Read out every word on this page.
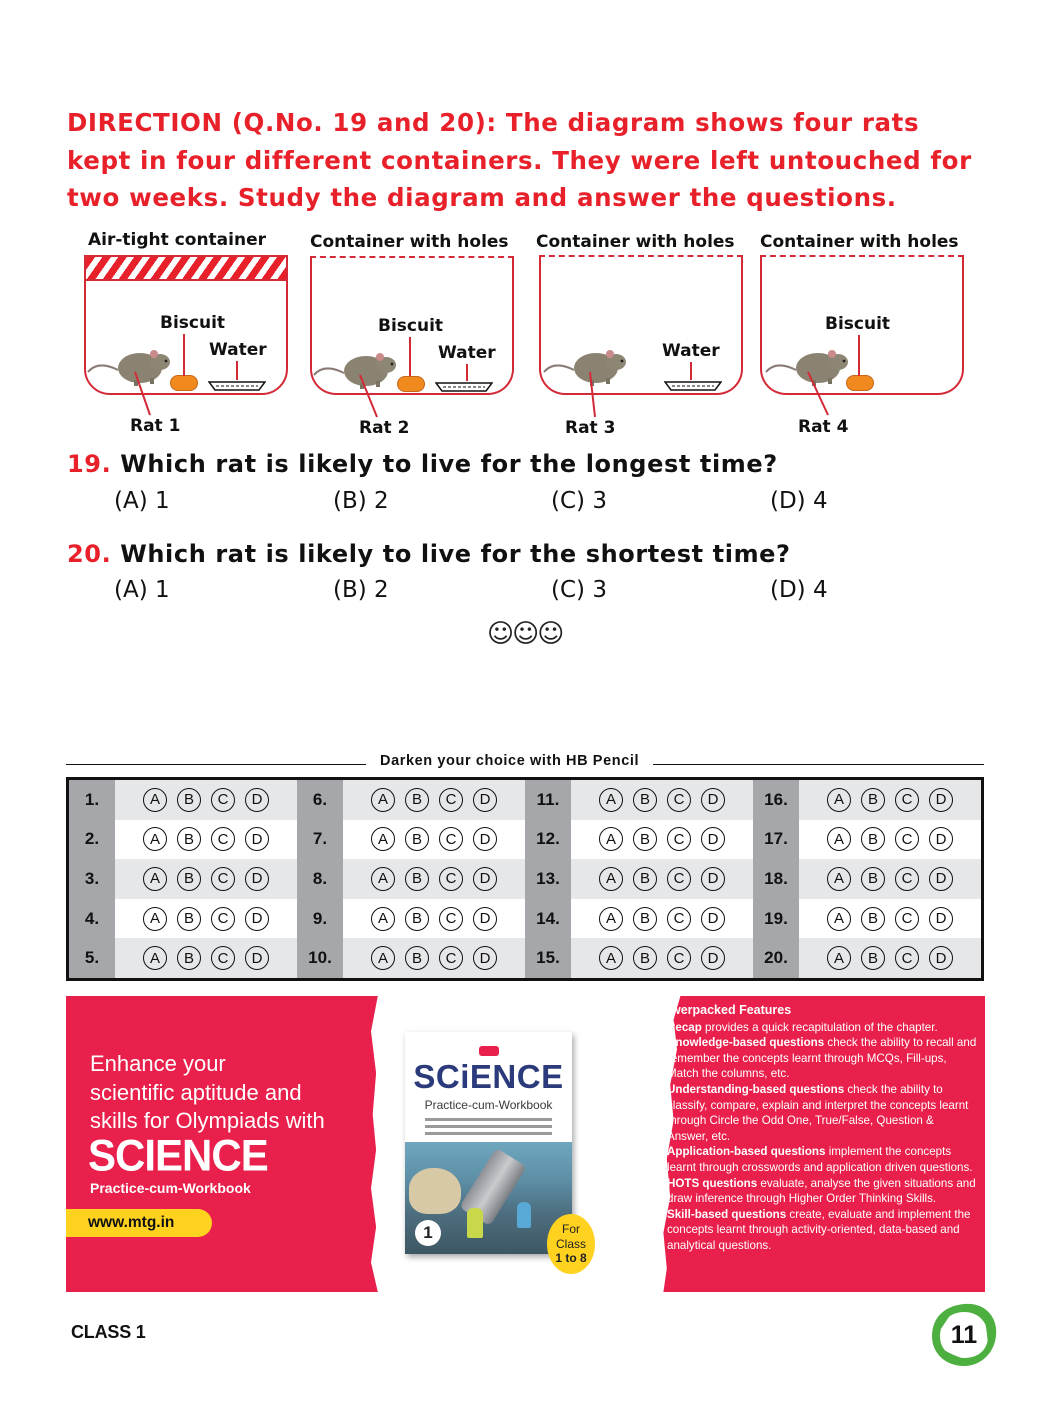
DIRECTION (Q.No. 19 and 20): The diagram shows four rats
kept in four different containers. They were left untouched for
two weeks. Study the diagram and answer the questions.
Air-tight container	Container with holes Container with holes Container with holes
Biscuit
Water
Biscuit
Water	Water
Biscuit
Rat 1	Rat 2	Rat 3	Rat 4
19. Which rat is likely to live for the longest time?
(A) 1	(B) 2	(C) 3	(D) 4
20. Which rat is likely to live for the shortest time?
(A) 1	(B) 2	(C) 3	(D) 4
☺☺☺
Darken your choice with HB Pencil
1.	A	B	C	D
2.	A	B	C	D
3.	A	B	C	D
4.	A	B	C	D
5.	A	B	C	D
6.	A	B	C	D
7.	A	B	C	D
8.	A	B	C	D
9.	A	B	C	D
10.	A	B	C	D
11.	A	B	C	D
12.	A	B	C	D
13.	A	B	C	D
14.	A	B	C	D
15.	A	B	C	D
16.	A	B	C	D
17.	A	B	C	D
18.	A	B	C	D
19.	A	B	C	D
20.	A	B	C	D
Enhance your
scientific aptitude and
skills for Olympiads with
SCIENCE
Practice-cum-Workbook
www.mtg.in
SCiENCE
Practice-cum-Workbook
1	For
Class
1 to 8
Powerpacked Features
• Recap provides a quick recapitulation of the chapter.
• Knowledge-based questions check the ability to recall and remember the concepts learnt through MCQs, Fill-ups, Match the columns, etc.
• Understanding-based questions check the ability to classify, compare, explain and interpret the concepts learnt through Circle the Odd One, True/False, Question & Answer, etc.
• Application-based questions implement the concepts learnt through crosswords and application driven questions.
• HOTS questions evaluate, analyse the given situations and draw inference through Higher Order Thinking Skills.
• Skill-based questions create, evaluate and implement the concepts learnt through activity-oriented, data-based and analytical questions.
CLASS 1	11
